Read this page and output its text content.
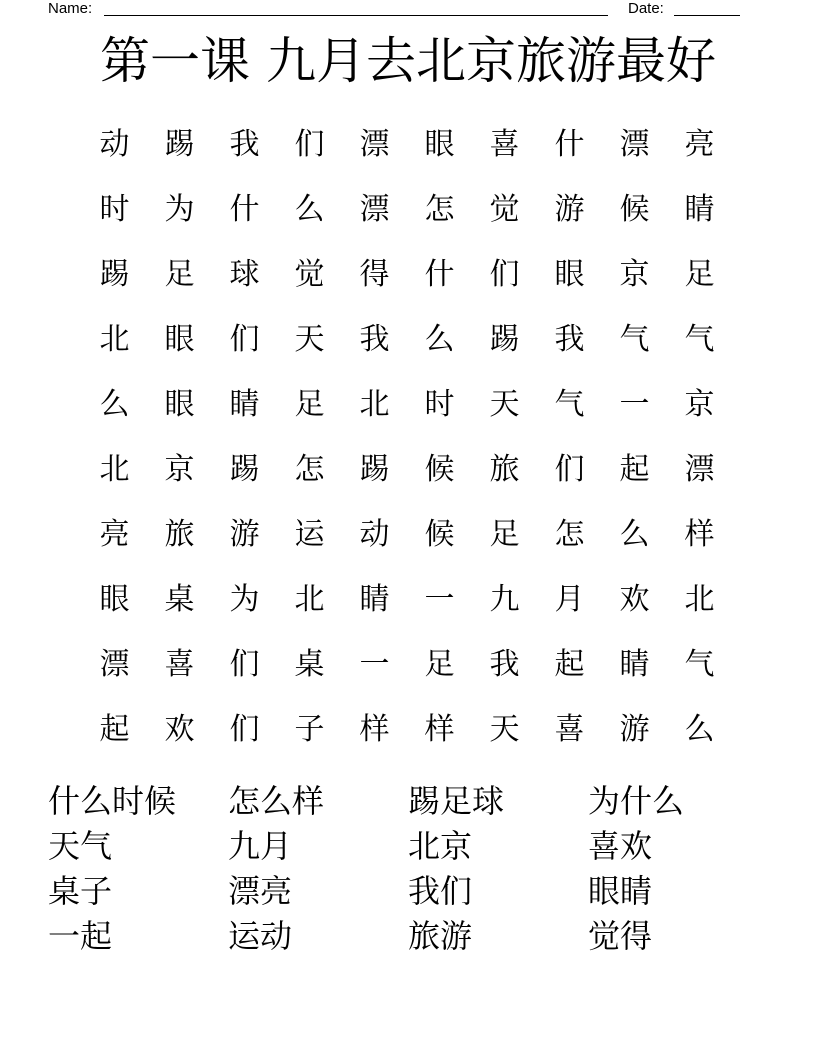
Name:	Date:
第一课 九月去北京旅游最好
动	踢	我	们	漂	眼	喜	什	漂	亮
时	为	什	么	漂	怎	觉	游	候	睛
踢	足	球	觉	得	什	们	眼	京	足
北	眼	们	天	我	么	踢	我	气	气
么	眼	睛	足	北	时	天	气	一	京
北	京	踢	怎	踢	候	旅	们	起	漂
亮	旅	游	运	动	候	足	怎	么	样
眼	桌	为	北	睛	一	九	月	欢	北
漂	喜	们	桌	一	足	我	起	睛	气
起	欢	们	子	样	样	天	喜	游	么
什么时候	怎么样	踢足球	为什么
天气	九月	北京	喜欢
桌子	漂亮	我们	眼睛
一起	运动	旅游	觉得
